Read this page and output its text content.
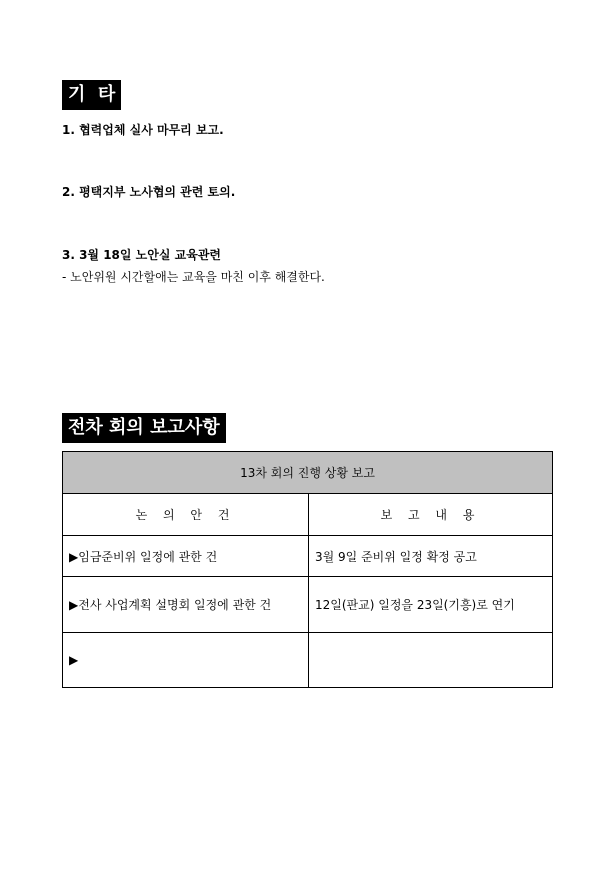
기  타
1. 협력업체 실사 마무리 보고.
2. 평택지부 노사협의 관련 토의.
3. 3월 18일 노안실 교육관련
- 노안위원 시간할애는 교육을 마친 이후 해결한다.
전차 회의 보고사항
13차 회의 진행 상황 보고	
논 의 안 건	보 고 내 용
▶임금준비위 일정에 관한 건	3월 9일 준비위 일정 확정 공고
▶전사 사업계획 설명회 일정에 관한 건	12일(판교) 일정을 23일(기흥)로 연기
▶	
